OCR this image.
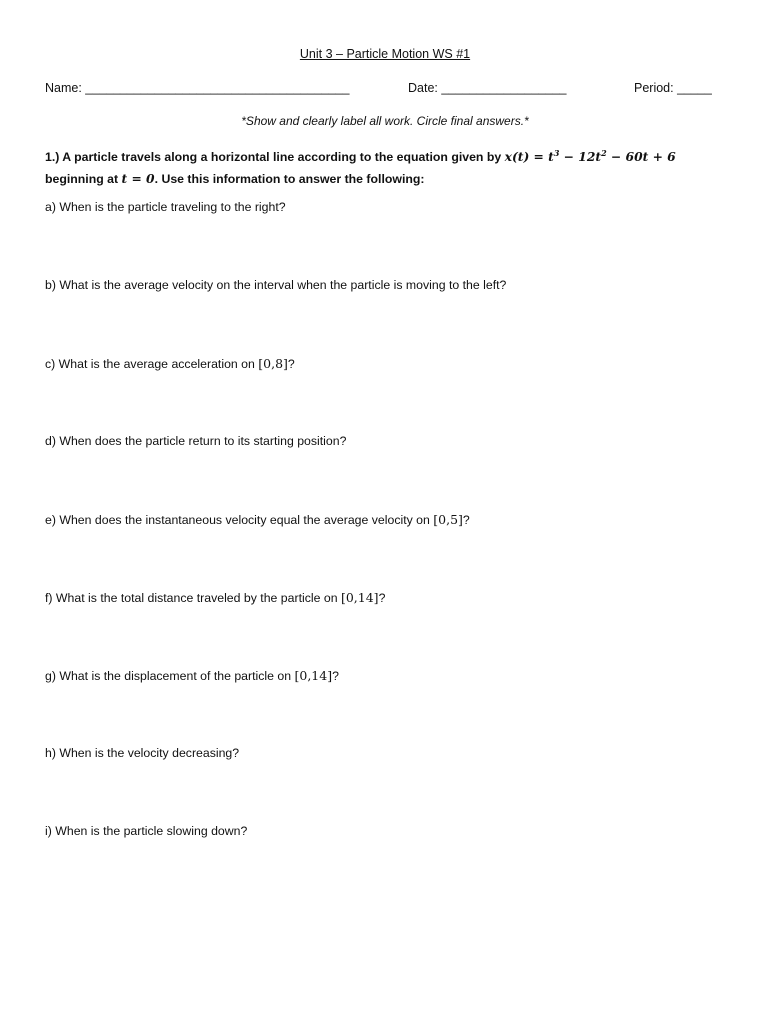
Unit 3 – Particle Motion WS #1
Name: ______________________________________	Date: __________________	Period: _____
*Show and clearly label all work. Circle final answers.*
1.) A particle travels along a horizontal line according to the equation given by $x(t) = t^3 - 12t^2 - 60t + 6$ beginning at t = 0. Use this information to answer the following:
a) When is the particle traveling to the right?
b) What is the average velocity on the interval when the particle is moving to the left?
c) What is the average acceleration on [0,8]?
d) When does the particle return to its starting position?
e) When does the instantaneous velocity equal the average velocity on [0,5]?
f) What is the total distance traveled by the particle on [0,14]?
g) What is the displacement of the particle on [0,14]?
h) When is the velocity decreasing?
i) When is the particle slowing down?
